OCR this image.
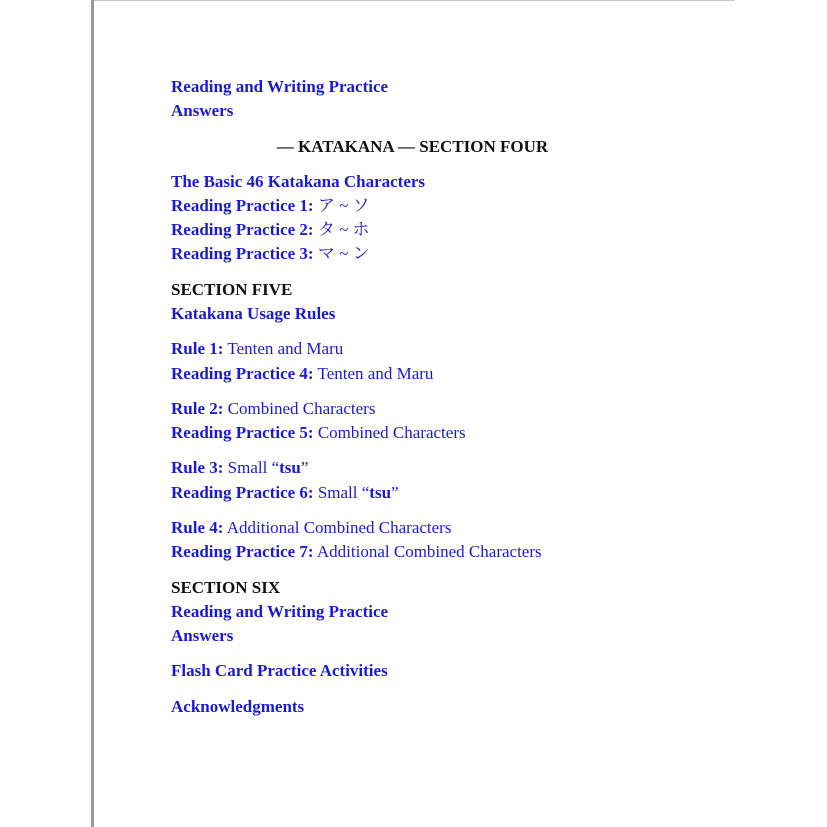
Reading and Writing Practice
Answers
— KATAKANA — SECTION FOUR
The Basic 46 Katakana Characters
Reading Practice 1: ア ~ ソ
Reading Practice 2: タ ~ ホ
Reading Practice 3: マ ~ ン
SECTION FIVE
Katakana Usage Rules
Rule 1: Tenten and Maru
Reading Practice 4: Tenten and Maru
Rule 2: Combined Characters
Reading Practice 5: Combined Characters
Rule 3: Small “tsu”
Reading Practice 6: Small “tsu”
Rule 4: Additional Combined Characters
Reading Practice 7: Additional Combined Characters
SECTION SIX
Reading and Writing Practice
Answers
Flash Card Practice Activities
Acknowledgments
